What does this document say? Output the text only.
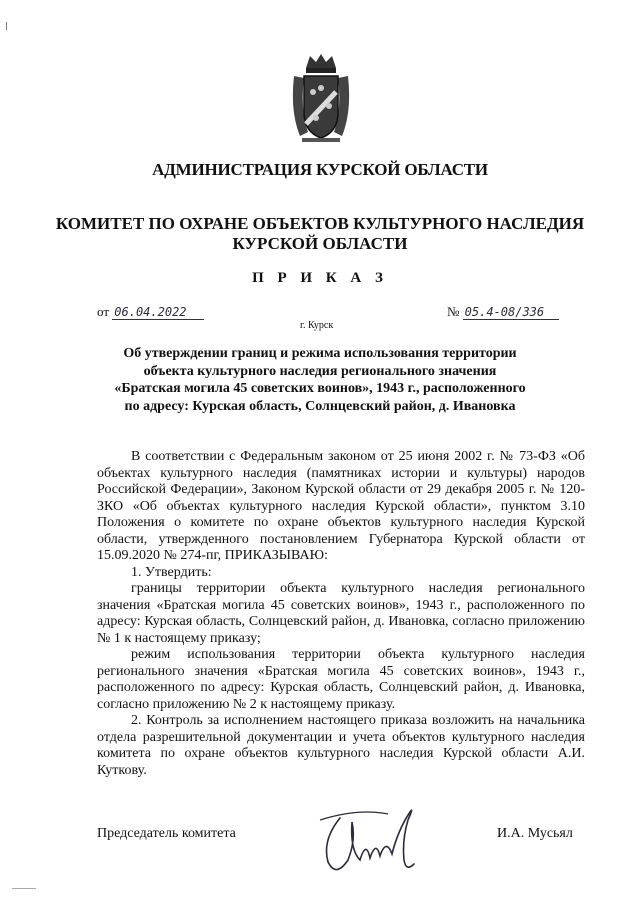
АДМИНИСТРАЦИЯ КУРСКОЙ ОБЛАСТИ
КОМИТЕТ ПО ОХРАНЕ ОБЪЕКТОВ КУЛЬТУРНОГО НАСЛЕДИЯ
КУРСКОЙ ОБЛАСТИ
П Р И К А З
от 06.04.2022	№ 05.4-08/336
г. Курск
Об утверждении границ и режима использования территории
объекта культурного наследия регионального значения
«Братская могила 45 советских воинов», 1943 г., расположенного
по адресу: Курская область, Солнцевский район, д. Ивановка

В соответствии с Федеральным законом от 25 июня 2002 г. № 73-ФЗ «Об объектах культурного наследия (памятниках истории и культуры) народов Российской Федерации», Законом Курской области от 29 декабря 2005 г. № 120-ЗКО «Об объектах культурного наследия Курской области», пунктом 3.10 Положения о комитете по охране объектов культурного наследия Курской области, утвержденного постановлением Губернатора Курской области от 15.09.2020 № 274-пг, ПРИКАЗЫВАЮ:

1. Утвердить:

границы территории объекта культурного наследия регионального значения «Братская могила 45 советских воинов», 1943 г., расположенного по адресу: Курская область, Солнцевский район, д. Ивановка, согласно приложению № 1 к настоящему приказу;

режим использования территории объекта культурного наследия регионального значения «Братская могила 45 советских воинов», 1943 г., расположенного по адресу: Курская область, Солнцевский район, д. Ивановка, согласно приложению № 2 к настоящему приказу.

2. Контроль за исполнением настоящего приказа возложить на начальника отдела разрешительной документации и учета объектов культурного наследия комитета по охране объектов культурного наследия Курской области А.И. Куткову.

Председатель комитета	И.А. Мусьял
